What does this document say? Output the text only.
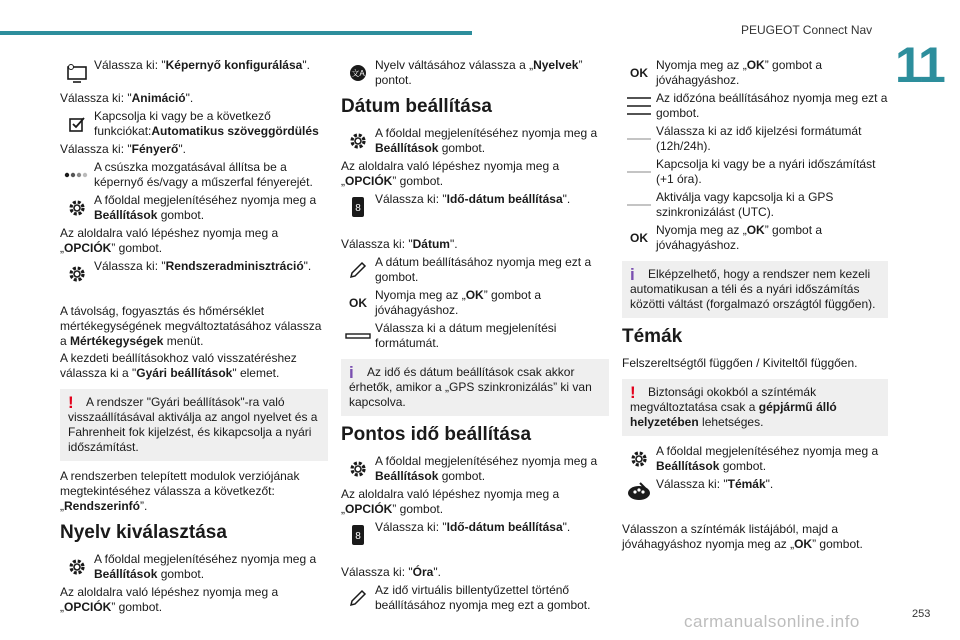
PEUGEOT Connect Nav
11
Válassza ki: "Képernyő konfigurálása".
Válassza ki: "Animáció".
Kapcsolja ki vagy be a következő funkciókat:Automatikus szöveggördülés
Válassza ki: "Fényerő".
A csúszka mozgatásával állítsa be a képernyő és/vagy a műszerfal fényerejét.
A főoldal megjelenítéséhez nyomja meg a Beállítások gombot.
Az aloldalra való lépéshez nyomja meg a „OPCIÓK” gombot.
Válassza ki: "Rendszeradminisztráció".
A távolság, fogyasztás és hőmérséklet mértékegységének megváltoztatásához válassza a Mértékegységek menüt.
A kezdeti beállításokhoz való visszatéréshez válassza ki a "Gyári beállítások" elemet.
! A rendszer "Gyári beállítások"-ra való visszaállításával aktiválja az angol nyelvet és a Fahrenheit fok kijelzést, és kikapcsolja a nyári időszámítást.
A rendszerben telepített modulok verziójának megtekintéséhez válassza a következőt: „Rendszerinfó”.
Nyelv kiválasztása
A főoldal megjelenítéséhez nyomja meg a Beállítások gombot.
Az aloldalra való lépéshez nyomja meg a „OPCIÓK” gombot.
文A
Nyelv váltásához válassza a „Nyelvek” pontot.
Dátum beállítása
A főoldal megjelenítéséhez nyomja meg a Beállítások gombot.
Az aloldalra való lépéshez nyomja meg a „OPCIÓK” gombot.
8
Válassza ki: "Idő-dátum beállítása".
Válassza ki: "Dátum".
A dátum beállításához nyomja meg ezt a gombot.
OK
Nyomja meg az „OK” gombot a jóváhagyáshoz.
Válassza ki a dátum megjelenítési formátumát.
i Az idő és dátum beállítások csak akkor érhetők, amikor a „GPS szinkronizálás” ki van kapcsolva.
Pontos idő beállítása
A főoldal megjelenítéséhez nyomja meg a Beállítások gombot.
Az aloldalra való lépéshez nyomja meg a „OPCIÓK” gombot.
8
Válassza ki: "Idő-dátum beállítása".
Válassza ki: "Óra".
Az idő virtuális billentyűzettel történő beállításához nyomja meg ezt a gombot.
OK
Nyomja meg az „OK” gombot a jóváhagyáshoz.
Az időzóna beállításához nyomja meg ezt a gombot.
Válassza ki az idő kijelzési formátumát (12h/24h).
Kapcsolja ki vagy be a nyári időszámítást (+1 óra).
Aktiválja vagy kapcsolja ki a GPS szinkronizálást (UTC).
OK
Nyomja meg az „OK” gombot a jóváhagyáshoz.
i Elképzelhető, hogy a rendszer nem kezeli automatikusan a téli és a nyári időszámítás közötti váltást (forgalmazó országtól függően).
Témák
Felszereltségtől függően / Kiviteltől függően.
! Biztonsági okokból a színtémák megváltoztatása csak a gépjármű álló helyzetében lehetséges.
A főoldal megjelenítéséhez nyomja meg a Beállítások gombot.
Válassza ki: "Témák".
Válasszon a színtémák listájából, majd a jóváhagyáshoz nyomja meg az „OK” gombot.
carmanualsonline.info	253
